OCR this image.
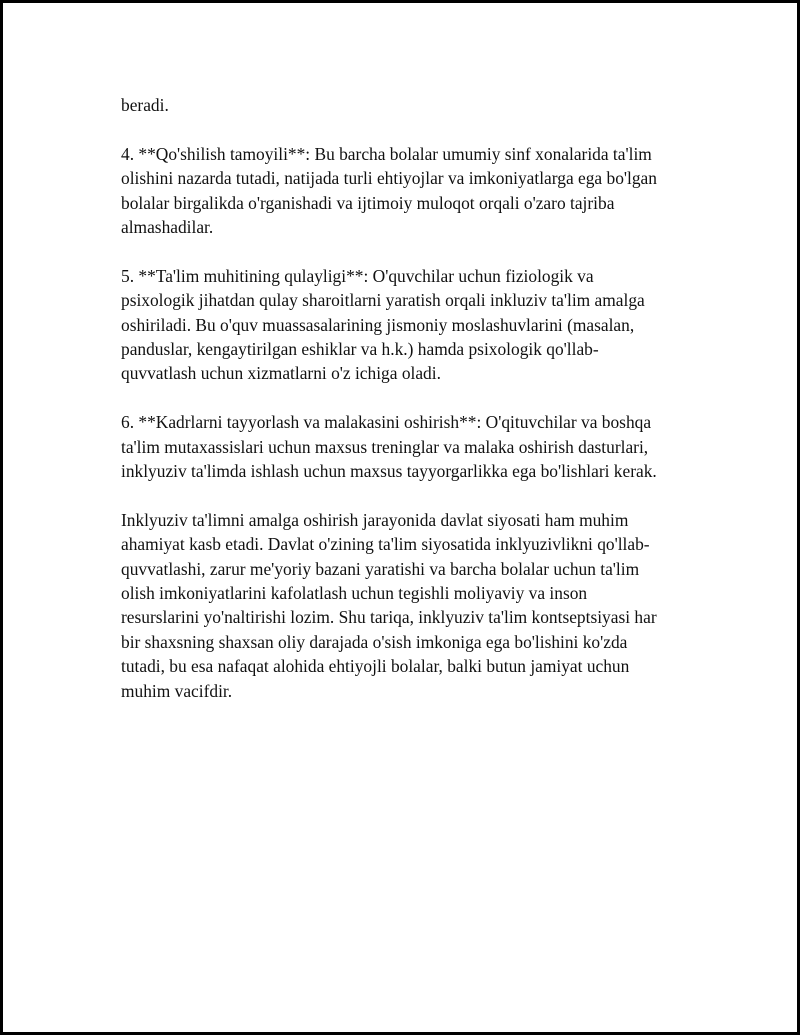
beradi.

4. **Qo'shilish tamoyili**: Bu barcha bolalar umumiy sinf xonalarida ta'lim
olishini nazarda tutadi, natijada turli ehtiyojlar va imkoniyatlarga ega bo'lgan
bolalar birgalikda o'rganishadi va ijtimoiy muloqot orqali o'zaro tajriba
almashadilar.

5. **Ta'lim muhitining qulayligi**: O'quvchilar uchun fiziologik va
psixologik jihatdan qulay sharoitlarni yaratish orqali inkluziv ta'lim amalga
oshiriladi. Bu o'quv muassasalarining jismoniy moslashuvlarini (masalan,
panduslar, kengaytirilgan eshiklar va h.k.) hamda psixologik qo'llab-
quvvatlash uchun xizmatlarni o'z ichiga oladi.

6. **Kadrlarni tayyorlash va malakasini oshirish**: O'qituvchilar va boshqa
ta'lim mutaxassislari uchun maxsus treninglar va malaka oshirish dasturlari,
inklyuziv ta'limda ishlash uchun maxsus tayyorgarlikka ega bo'lishlari kerak.

Inklyuziv ta'limni amalga oshirish jarayonida davlat siyosati ham muhim
ahamiyat kasb etadi. Davlat o'zining ta'lim siyosatida inklyuzivlikni qo'llab-
quvvatlashi, zarur me'yoriy bazani yaratishi va barcha bolalar uchun ta'lim
olish imkoniyatlarini kafolatlash uchun tegishli moliyaviy va inson
resurslarini yo'naltirishi lozim. Shu tariqa, inklyuziv ta'lim kontseptsiyasi har
bir shaxsning shaxsan oliy darajada o'sish imkoniga ega bo'lishini ko'zda
tutadi, bu esa nafaqat alohida ehtiyojli bolalar, balki butun jamiyat uchun
muhim vacifdir.
